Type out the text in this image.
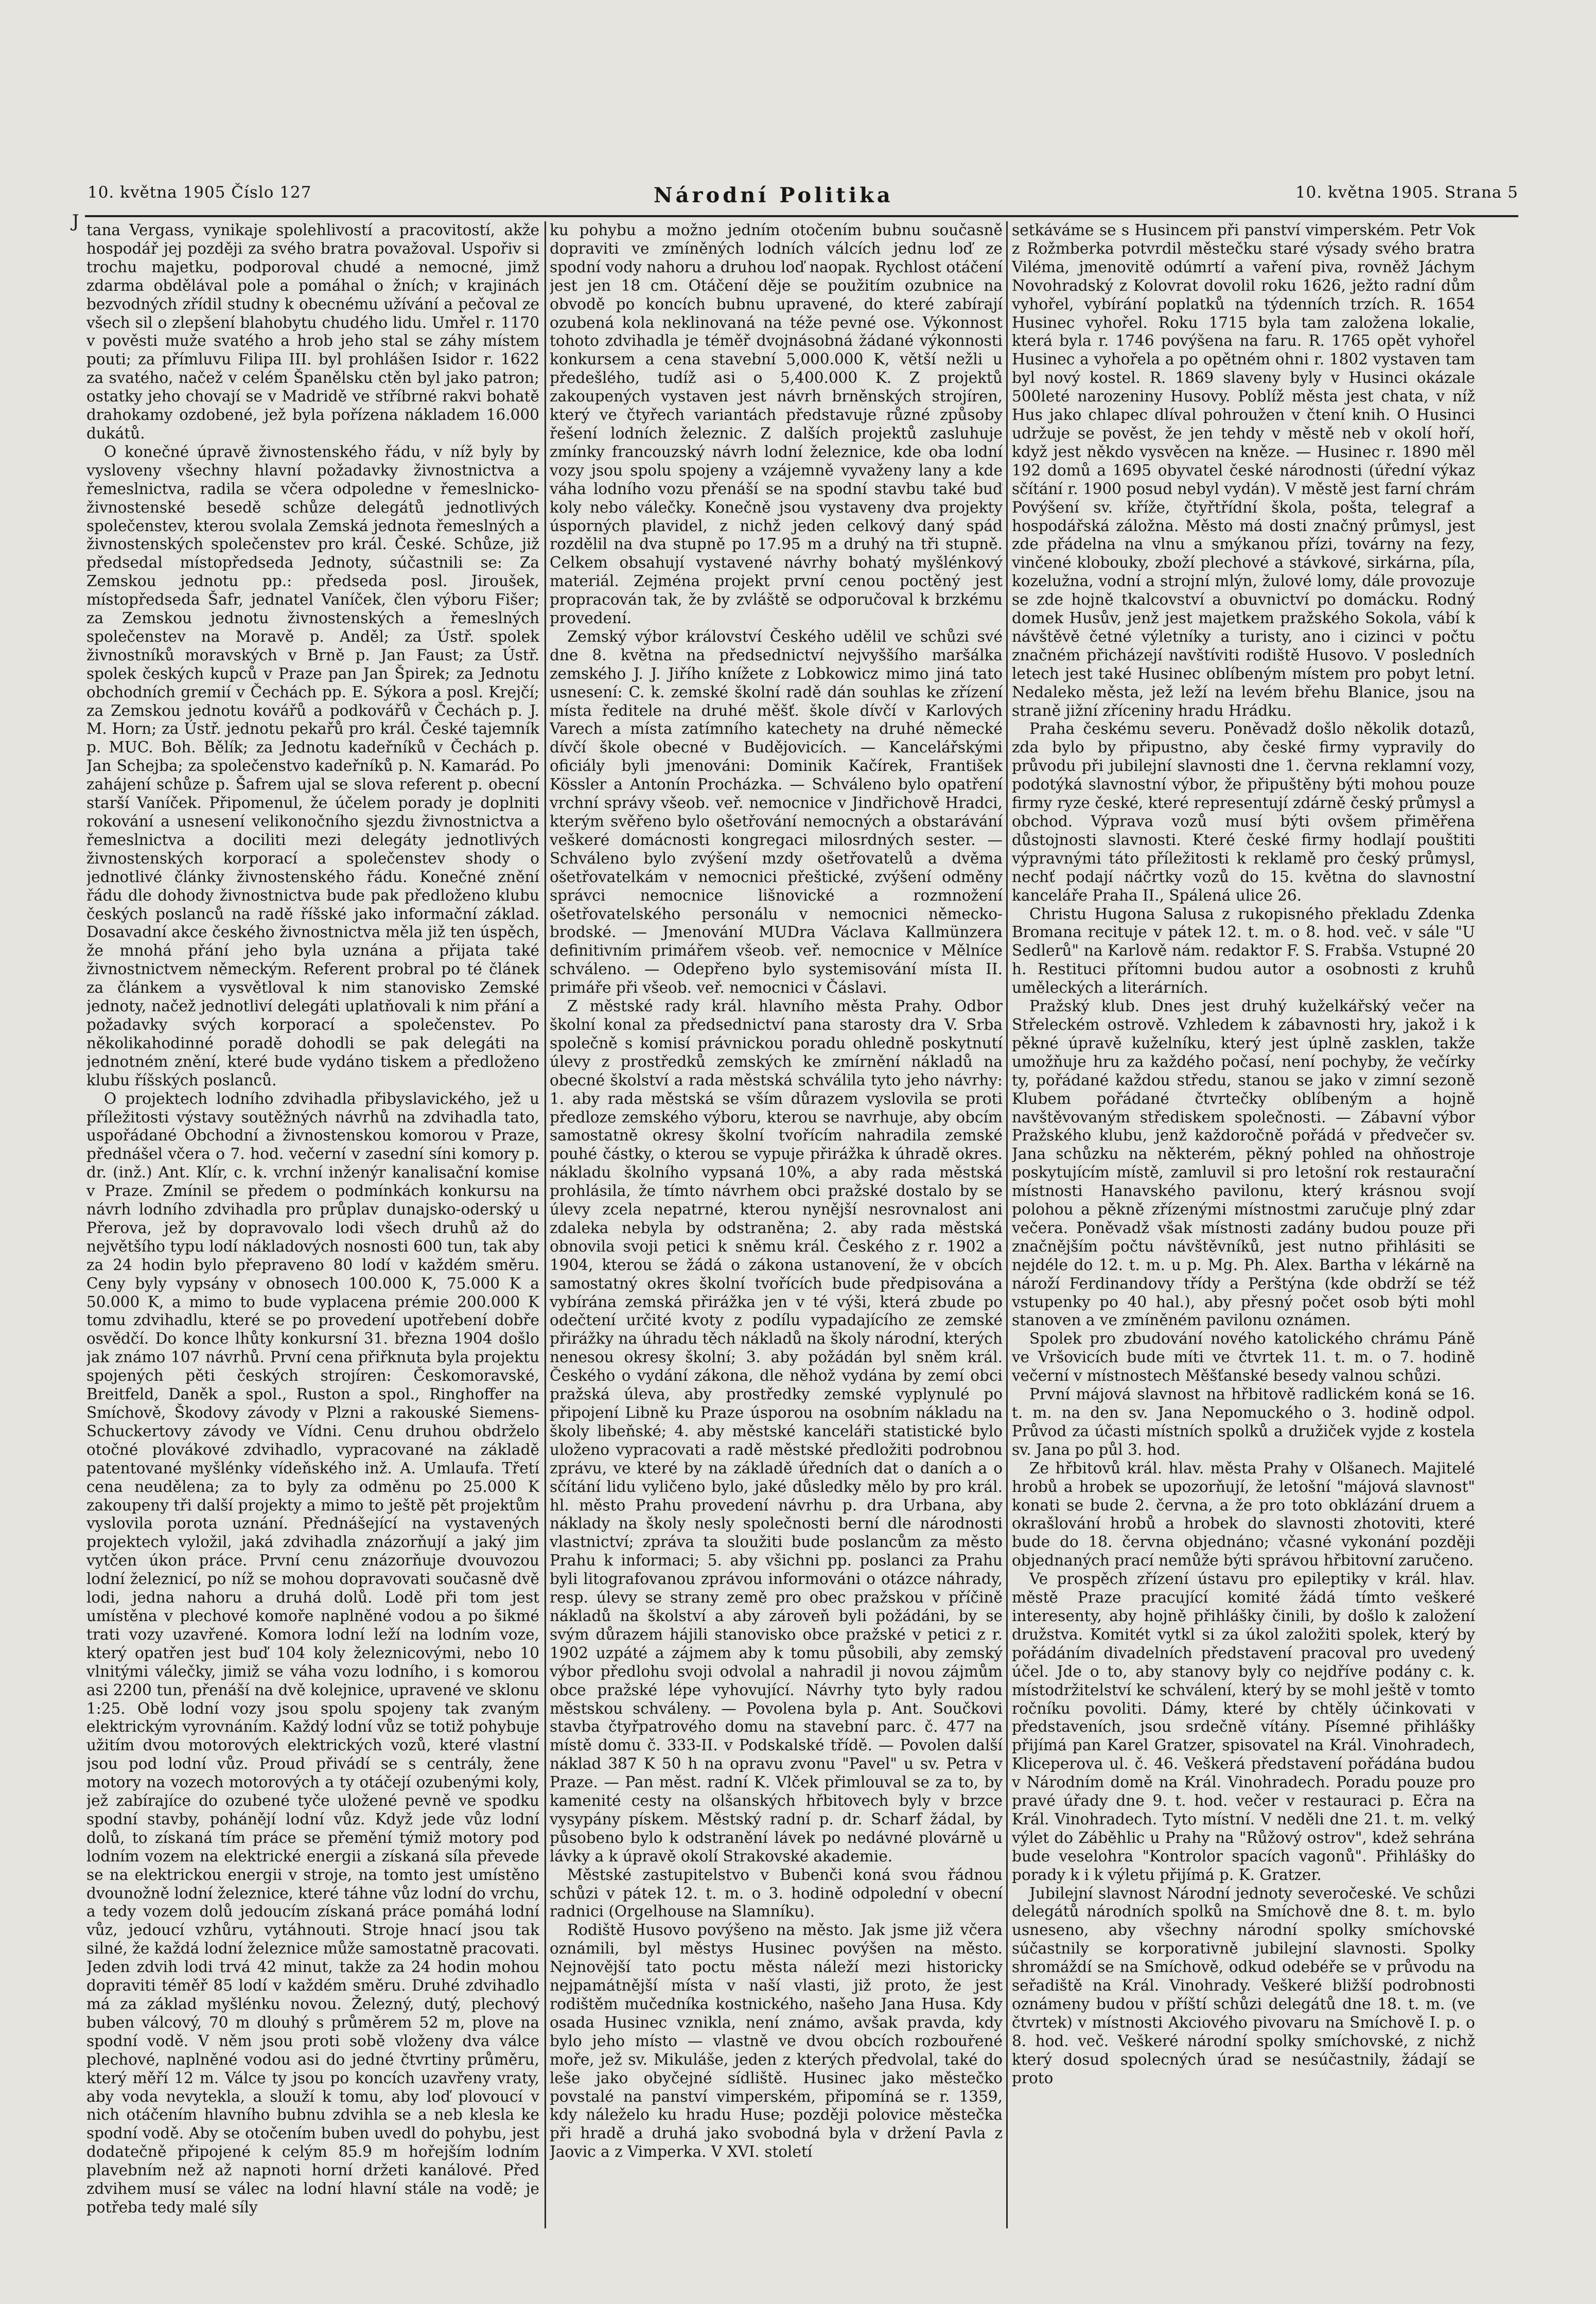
J
10. května 1905 Číslo 127	Národní Politika	10. května 1905. Strana 5

tana Vergass, vynikaje spolehlivostí a pracovitostí, akže hospodář jej později za svého bratra považoval. Uspořiv si trochu majetku, podporoval chudé a nemocné, jimž zdarma obdělával pole a pomáhal o žních; v krajinách bezvodných zřídil studny k obecnému užívání a pečoval ze všech sil o zlepšení blahobytu chudého lidu. Umřel r. 1170 v pověsti muže svatého a hrob jeho stal se záhy místem pouti; za přímluvu Filipa III. byl prohlášen Isidor r. 1622 za svatého, načež v celém Španělsku ctěn byl jako patron; ostatky jeho chovají se v Madridě ve stříbrné rakvi bohatě drahokamy ozdobené, jež byla pořízena nákladem 16.000 dukátů.

O konečné úpravě živnostenského řádu, v níž byly by vysloveny všechny hlavní požadavky živnostnictva a řemeslnictva, radila se včera odpoledne v řemeslnicko-živnostenské besedě schůze delegátů jednotlivých společenstev, kterou svolala Zemská jednota řemeslných a živnostenských společenstev pro král. České. Schůze, již předsedal místopředseda Jednoty, súčastnili se: Za Zemskou jednotu pp.: předseda posl. Jiroušek, místopředseda Šafr, jednatel Vaníček, člen výboru Fišer; za Zemskou jednotu živnostenských a řemeslných společenstev na Moravě p. Anděl; za Ústř. spolek živnostníků moravských v Brně p. Jan Faust; za Ústř. spolek českých kupců v Praze pan Jan Špirek; za Jednotu obchodních gremií v Čechách pp. E. Sýkora a posl. Krejčí; za Zemskou jednotu kovářů a podkovářů v Čechách p. J. M. Horn; za Ústř. jednotu pekařů pro král. České tajemník p. MUC. Boh. Bělík; za Jednotu kadeřníků v Čechách p. Jan Schejba; za společenstvo kadeřníků p. N. Kamarád. Po zahájení schůze p. Šafrem ujal se slova referent p. obecní starší Vaníček. Připomenul, že účelem porady je doplniti rokování a usnesení velikonočního sjezdu živnostnictva a řemeslnictva a dociliti mezi delegáty jednotlivých živnostenských korporací a společenstev shody o jednotlivé články živnostenského řádu. Konečné znění řádu dle dohody živnostnictva bude pak předloženo klubu českých poslanců na radě říšské jako informační základ. Dosavadní akce českého živnostnictva měla již ten úspěch, že mnohá přání jeho byla uznána a přijata také živnostnictvem německým. Referent probral po té článek za článkem a vysvětloval k nim stanovisko Zemské jednoty, načež jednotliví delegáti uplatňovali k nim přání a požadavky svých korporací a společenstev. Po několikahodinné poradě dohodli se pak delegáti na jednotném znění, které bude vydáno tiskem a předloženo klubu říšských poslanců.

O projektech lodního zdvihadla přibyslavického, jež u příležitosti výstavy soutěžných návrhů na zdvihadla tato, uspořádané Obchodní a živnostenskou komorou v Praze, přednášel včera o 7. hod. večerní v zasední síni komory p. dr. (inž.) Ant. Klír, c. k. vrchní inženýr kanalisační komise v Praze. Zmínil se předem o podmínkách konkursu na návrh lodního zdvihadla pro průplav dunajsko-oderský u Přerova, jež by dopravovalo lodi všech druhů až do největšího typu lodí nákladových nosnosti 600 tun, tak aby za 24 hodin bylo přepraveno 80 lodí v každém směru. Ceny byly vypsány v obnosech 100.000 K, 75.000 K a 50.000 K, a mimo to bude vyplacena prémie 200.000 K tomu zdvihadlu, které se po provedení upotřebení dobře osvědčí. Do konce lhůty konkursní 31. března 1904 došlo jak známo 107 návrhů. První cena přiřknuta byla projektu spojených pěti českých strojíren: Českomoravské, Breitfeld, Daněk a spol., Ruston a spol., Ringhoffer na Smíchově, Škodovy závody v Plzni a rakouské Siemens-Schuckertovy závody ve Vídni. Cenu druhou obdrželo otočné plovákové zdvihadlo, vypracované na základě patentované myšlénky vídeňského inž. A. Umlaufa. Třetí cena neudělena; za to byly za odměnu po 25.000 K zakoupeny tři další projekty a mimo to ještě pět projektům vyslovila porota uznání. Přednášející na vystavených projektech vyložil, jaká zdvihadla znázorňují a jaký jim vytčen úkon práce. První cenu znázorňuje dvouvozou lodní železnicí, po níž se mohou dopravovati současně dvě lodi, jedna nahoru a druhá dolů. Lodě při tom jest umístěna v plechové komoře naplněné vodou a po šikmé trati vozy uzavřené. Komora lodní leží na lodním voze, který opatřen jest buď 104 koly železnicovými, nebo 10 vlnitými válečky, jimiž se váha vozu lodního, i s komorou asi 2200 tun, přenáší na dvě kolejnice, upravené ve sklonu 1:25. Obě lodní vozy jsou spolu spojeny tak zvaným elektrickým vyrovnáním. Každý lodní vůz se totiž pohybuje užitím dvou motorových elektrických vozů, které vlastní jsou pod lodní vůz. Proud přivádí se s centrály, žene motory na vozech motorových a ty otáčejí ozubenými koly, jež zabírajíce do ozubené tyče uložené pevně ve spodku spodní stavby, pohánějí lodní vůz. Když jede vůz lodní dolů, to získaná tím práce se přemění týmiž motory pod lodním vozem na elektrické energii a získaná síla převede se na elektrickou energii v stroje, na tomto jest umístěno dvounožně lodní železnice, které táhne vůz lodní do vrchu, a tedy vozem dolů jedoucím získaná práce pomáhá lodní vůz, jedoucí vzhůru, vytáhnouti. Stroje hnací jsou tak silné, že každá lodní železnice může samostatně pracovati. Jeden zdvih lodi trvá 42 minut, takže za 24 hodin mohou dopraviti téměř 85 lodí v každém směru. Druhé zdvihadlo má za základ myšlénku novou. Železný, dutý, plechový buben válcový, 70 m dlouhý s průměrem 52 m, plove na spodní vodě. V něm jsou proti sobě vloženy dva válce plechové, naplněné vodou asi do jedné čtvrtiny průměru, který měří 12 m. Válce ty jsou po koncích uzavřeny vraty, aby voda nevytekla, a slouží k tomu, aby loď plovoucí v nich otáčením hlavního bubnu zdvihla se a neb klesla ke spodní vodě. Aby se otočením buben uvedl do pohybu, jest dodatečně připojené k celým 85.9 m hořejším lodním plavebním než až napnoti horní držeti kanálové. Před zdvihem musí se válec na lodní hlavní stále na vodě; je potřeba tedy malé síly

ku pohybu a možno jedním otočením bubnu současně dopraviti ve zmíněných lodních válcích jednu loď ze spodní vody nahoru a druhou loď naopak. Rychlost otáčení jest jen 18 cm. Otáčení děje se použitím ozubnice na obvodě po koncích bubnu upravené, do které zabírají ozubená kola neklinovaná na téže pevné ose. Výkonnost tohoto zdvihadla je téměř dvojnásobná žádané výkonnosti konkursem a cena stavební 5,000.000 K, větší nežli u předešlého, tudíž asi o 5,400.000 K. Z projektů zakoupených vystaven jest návrh brněnských strojíren, který ve čtyřech variantách představuje různé způsoby řešení lodních železnic. Z dalších projektů zasluhuje zmínky francouzský návrh lodní železnice, kde oba lodní vozy jsou spolu spojeny a vzájemně vyvaženy lany a kde váha lodního vozu přenáší se na spodní stavbu také buď koly nebo válečky. Konečně jsou vystaveny dva projekty úsporných plavidel, z nichž jeden celkový daný spád rozdělil na dva stupně po 17.95 m a druhý na tři stupně. Celkem obsahují vystavené návrhy bohatý myšlénkový materiál. Zejména projekt první cenou poctěný jest propracován tak, že by zvláště se odporučoval k brzkému provedení.

Zemský výbor království Českého udělil ve schůzi své dne 8. května na předsednictví nejvyššího maršálka zemského J. J. Jiřího knížete z Lobkowicz mimo jiná tato usnesení: C. k. zemské školní radě dán souhlas ke zřízení místa ředitele na druhé měšť. škole dívčí v Karlových Varech a místa zatímního katechety na druhé německé dívčí škole obecné v Budějovicích. — Kancelářskými oficiály byli jmenováni: Dominik Kačírek, František Kössler a Antonín Procházka. — Schváleno bylo opatření vrchní správy všeob. veř. nemocnice v Jindřichově Hradci, kterým svěřeno bylo ošetřování nemocných a obstarávání veškeré domácnosti kongregaci milosrdných sester. — Schváleno bylo zvýšení mzdy ošetřovatelů a dvěma ošetřovatelkám v nemocnici přeštické, zvýšení odměny správci nemocnice lišnovické a rozmnožení ošetřovatelského personálu v nemocnici německo-brodské. — Jmenování MUDra Václava Kallmünzera definitivním primářem všeob. veř. nemocnice v Mělníce schváleno. — Odepřeno bylo systemisování místa II. primáře při všeob. veř. nemocnici v Čáslavi.

Z městské rady král. hlavního města Prahy. Odbor školní konal za předsednictví pana starosty dra V. Srba společně s komisí právnickou poradu ohledně poskytnutí úlevy z prostředků zemských ke zmírnění nákladů na obecné školství a rada městská schválila tyto jeho návrhy: 1. aby rada městská se vším důrazem vyslovila se proti předloze zemského výboru, kterou se navrhuje, aby obcím samostatně okresy školní tvořícím nahradila zemské pouhé částky, o kterou se vypuje přirážka k úhradě okres. nákladu školního vypsaná 10%, a aby rada městská prohlásila, že tímto návrhem obci pražské dostalo by se úlevy zcela nepatrné, kterou nynější nesrovnalost ani zdaleka nebyla by odstraněna; 2. aby rada městská obnovila svoji petici k sněmu král. Českého z r. 1902 a 1904, kterou se žádá o zákona ustanovení, že v obcích samostatný okres školní tvořících bude předpisována a vybírána zemská přirážka jen v té výši, která zbude po odečtení určité kvoty z podílu vypadajícího ze zemské přirážky na úhradu těch nákladů na školy národní, kterých nenesou okresy školní; 3. aby požádán byl sněm král. Českého o vydání zákona, dle něhož vydána by zemí obci pražská úleva, aby prostředky zemské vyplynulé po připojení Libně ku Praze úsporou na osobním nákladu na školy libeňské; 4. aby městské kanceláři statistické bylo uloženo vypracovati a radě městské předložiti podrobnou zprávu, ve které by na základě úředních dat o daních a o sčítání lidu vyličeno bylo, jaké důsledky mělo by pro král. hl. město Prahu provedení návrhu p. dra Urbana, aby náklady na školy nesly společnosti berní dle národnosti vlastnictví; zpráva ta sloužiti bude poslancům za město Prahu k informaci; 5. aby všichni pp. poslanci za Prahu byli litografovanou zprávou informováni o otázce náhrady, resp. úlevy se strany země pro obec pražskou v příčině nákladů na školství a aby zároveň byli požádáni, by se svým důrazem hájili stanovisko obce pražské v petici z r. 1902 uzpáté a zájmem aby k tomu působili, aby zemský výbor předlohu svoji odvolal a nahradil ji novou zájmům obce pražské lépe vyhovující. Návrhy tyto byly radou městskou schváleny. — Povolena byla p. Ant. Součkovi stavba čtyřpatrového domu na stavební parc. č. 477 na místě domu č. 333-II. v Podskalské třídě. — Povolen další náklad 387 K 50 h na opravu zvonu "Pavel" u sv. Petra v Praze. — Pan měst. radní K. Vlček přimlouval se za to, by kamenité cesty na olšanských hřbitovech byly v brzce vysypány pískem. Městský radní p. dr. Scharf žádal, by působeno bylo k odstranění lávek po nedávné plovárně u lávky a k úpravě okolí Strakovské akademie.

Městské zastupitelstvo v Bubenči koná svou řádnou schůzi v pátek 12. t. m. o 3. hodině odpolední v obecní radnici (Orgelhouse na Slamníku).

Rodiště Husovo povýšeno na město. Jak jsme již včera oznámili, byl městys Husinec povýšen na město. Nejnovější tato poctu města náleží mezi historicky nejpamátnější místa v naší vlasti, již proto, že jest rodištěm mučedníka kostnického, našeho Jana Husa. Kdy osada Husinec vznikla, není známo, avšak pravda, kdy bylo jeho místo — vlastně ve dvou obcích rozbouřené moře, jež sv. Mikuláše, jeden z kterých předvolal, také do leše jako obyčejné sídliště. Husinec jako městečko povstalé na panství vimperském, připomíná se r. 1359, kdy náleželo ku hradu Huse; později polovice městečka při hradě a druhá jako svobodná byla v držení Pavla z Jaovic a z Vimperka. V XVI. století

setkáváme se s Husincem při panství vimperském. Petr Vok z Rožmberka potvrdil městečku staré výsady svého bratra Viléma, jmenovitě odúmrtí a vaření piva, rovněž Jáchym Novohradský z Kolovrat dovolil roku 1626, ježto radní dům vyhořel, vybírání poplatků na týdenních trzích. R. 1654 Husinec vyhořel. Roku 1715 byla tam založena lokalie, která byla r. 1746 povýšena na faru. R. 1765 opět vyhořel Husinec a vyhořela a po opětném ohni r. 1802 vystaven tam byl nový kostel. R. 1869 slaveny byly v Husinci okázale 500leté narozeniny Husovy. Poblíž města jest chata, v níž Hus jako chlapec dlíval pohroužen v čtení knih. O Husinci udržuje se pověst, že jen tehdy v městě neb v okolí hoří, když jest někdo vysvěcen na kněze. — Husinec r. 1890 měl 192 domů a 1695 obyvatel české národnosti (úřední výkaz sčítání r. 1900 posud nebyl vydán). V městě jest farní chrám Povýšení sv. kříže, čtyřtřídní škola, pošta, telegraf a hospodářská záložna. Město má dosti značný průmysl, jest zde přádelna na vlnu a smýkanou přízi, továrny na fezy, vinčené klobouky, zboží plechové a stávkové, sirkárna, píla, kozelužna, vodní a strojní mlýn, žulové lomy, dále provozuje se zde hojně tkalcovství a obuvnictví po domácku. Rodný domek Husův, jenž jest majetkem pražského Sokola, vábí k návštěvě četné výletníky a turisty, ano i cizinci v počtu značném přicházejí navštíviti rodiště Husovo. V posledních letech jest také Husinec oblíbeným místem pro pobyt letní. Nedaleko města, jež leží na levém břehu Blanice, jsou na straně jižní zříceniny hradu Hrádku.

Praha českému severu. Poněvadž došlo několik dotazů, zda bylo by připustno, aby české firmy vypravily do průvodu při jubilejní slavnosti dne 1. června reklamní vozy, podotýká slavnostní výbor, že připuštěny býti mohou pouze firmy ryze české, které representují zdárně český průmysl a obchod. Výprava vozů musí býti ovšem přiměřena důstojnosti slavnosti. Které české firmy hodlají pouštiti výpravnými táto příležitosti k reklamě pro český průmysl, nechť podají náčrtky vozů do 15. května do slavnostní kanceláře Praha II., Spálená ulice 26.

Christu Hugona Salusa z rukopisného překladu Zdenka Bromana recituje v pátek 12. t. m. o 8. hod. več. v sále "U Sedlerů" na Karlově nám. redaktor F. S. Frabša. Vstupné 20 h. Restituci přítomni budou autor a osobnosti z kruhů uměleckých a literárních.

Pražský klub. Dnes jest druhý kuželkářský večer na Střeleckém ostrově. Vzhledem k zábavnosti hry, jakož i k pěkné úpravě kuželníku, který jest úplně zasklen, takže umožňuje hru za každého počasí, není pochyby, že večírky ty, pořádané každou středu, stanou se jako v zimní sezoně Klubem pořádané čtvrtečky oblíbeným a hojně navštěvovaným střediskem společnosti. — Zábavní výbor Pražského klubu, jenž každoročně pořádá v předvečer sv. Jana schůzku na některém, pěkný pohled na ohňostroje poskytujícím místě, zamluvil si pro letošní rok restaurační místnosti Hanavského pavilonu, který krásnou svojí polohou a pěkně zřízenými místnostmi zaručuje plný zdar večera. Poněvadž však místnosti zadány budou pouze při značnějším počtu návštěvníků, jest nutno přihlásiti se nejdéle do 12. t. m. u p. Mg. Ph. Alex. Bartha v lékárně na nároží Ferdinandovy třídy a Perštýna (kde obdrží se též vstupenky po 40 hal.), aby přesný počet osob býti mohl stanoven a ve zmíněném pavilonu oznámen.

Spolek pro zbudování nového katolického chrámu Páně ve Vršovicích bude míti ve čtvrtek 11. t. m. o 7. hodině večerní v místnostech Měšťanské besedy valnou schůzi.

První májová slavnost na hřbitově radlickém koná se 16. t. m. na den sv. Jana Nepomuckého o 3. hodině odpol. Průvod za účasti místních spolků a družiček vyjde z kostela sv. Jana po půl 3. hod.

Ze hřbitovů král. hlav. města Prahy v Olšanech. Majitelé hrobů a hrobek se upozorňují, že letošní "májová slavnost" konati se bude 2. června, a že pro toto obklázání druem a okrašlování hrobů a hrobek do slavnosti zhotoviti, které bude do 18. června objednáno; včasné vykonání později objednaných prací nemůže býti správou hřbitovní zaručeno.

Ve prospěch zřízení ústavu pro epileptiky v král. hlav. městě Praze pracující komité žádá tímto veškeré interesenty, aby hojně přihlášky činili, by došlo k založení družstva. Komitét vytkl si za úkol založiti spolek, který by pořádáním divadelních představení pracoval pro uvedený účel. Jde o to, aby stanovy byly co nejdříve podány c. k. místodržitelství ke schválení, který by se mohl ještě v tomto ročníku povoliti. Dámy, které by chtěly účinkovati v představeních, jsou srdečně vítány. Písemné přihlášky přijímá pan Karel Gratzer, spisovatel na Král. Vinohradech, Kliceperova ul. č. 46. Veškerá představení pořádána budou v Národním domě na Král. Vinohradech. Poradu pouze pro pravé úřady dne 9. t. hod. večer v restauraci p. Ečra na Král. Vinohradech. Tyto místní. V neděli dne 21. t. m. velký výlet do Záběhlic u Prahy na "Růžový ostrov", kdež sehrána bude veselohra "Kontrolor spacích vagonů". Přihlášky do porady k i k výletu přijímá p. K. Gratzer.

Jubilejní slavnost Národní jednoty severočeské. Ve schůzi delegátů národních spolků na Smíchově dne 8. t. m. bylo usneseno, aby všechny národní spolky smíchovské súčastnily se korporativně jubilejní slavnosti. Spolky shromáždí se na Smíchově, odkud odebéře se v průvodu na seřadiště na Král. Vinohrady. Veškeré bližší podrobnosti oznámeny budou v příští schůzi delegátů dne 18. t. m. (ve čtvrtek) v místnosti Akciového pivovaru na Smíchově I. p. o 8. hod. več. Veškeré národní spolky smíchovské, z nichž který dosud spolecných úrad se nesúčastnily, žádají se proto
